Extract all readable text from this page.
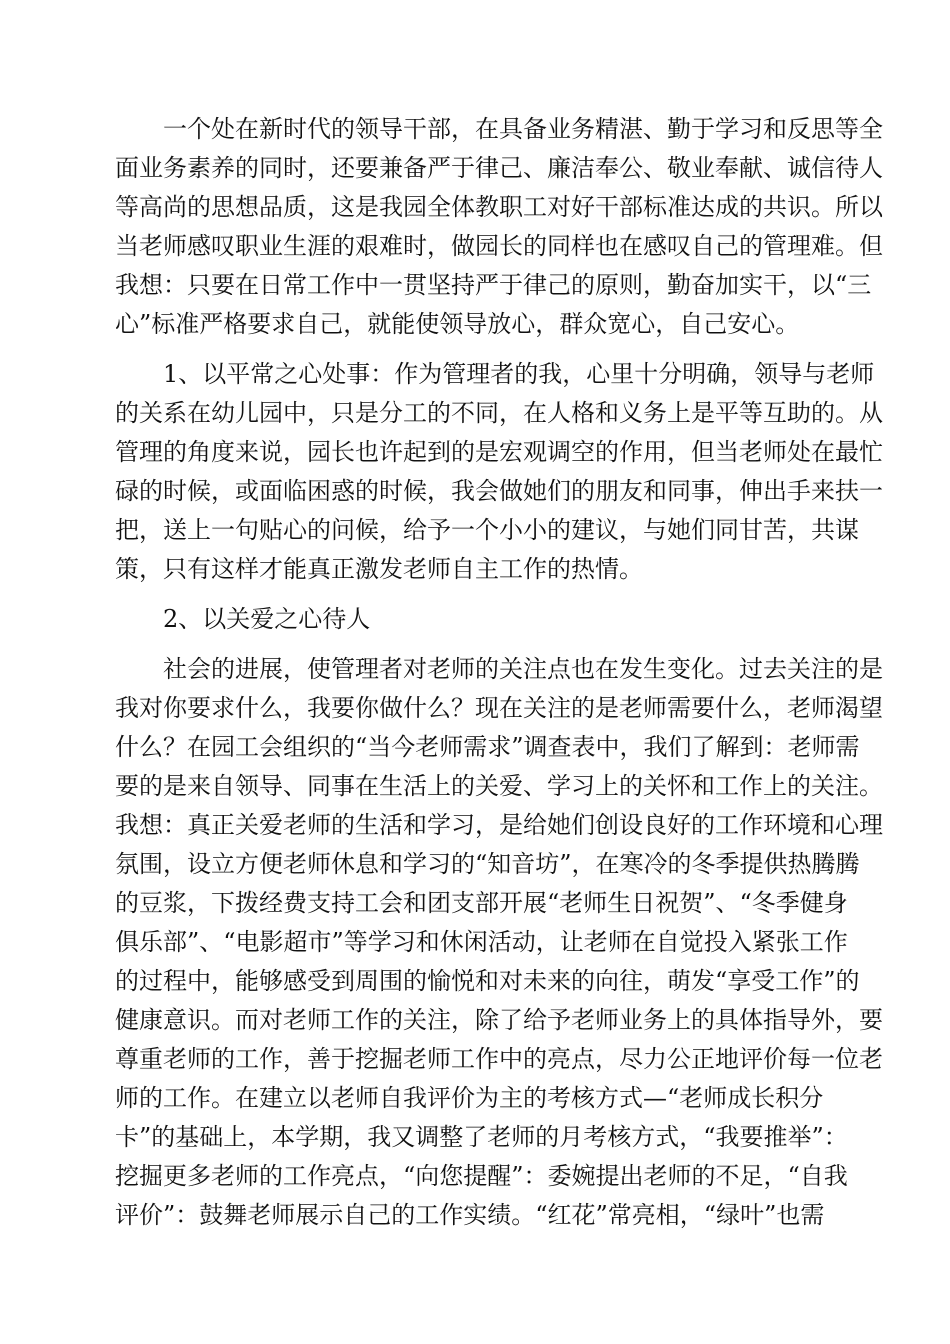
一个处在新时代的领导干部，在具备业务精湛、勤于学习和反思等全
面业务素养的同时，还要兼备严于律己、廉洁奉公、敬业奉献、诚信待人
等高尚的思想品质，这是我园全体教职工对好干部标准达成的共识。所以
当老师感叹职业生涯的艰难时，做园长的同样也在感叹自己的管理难。但
我想：只要在日常工作中一贯坚持严于律己的原则，勤奋加实干，以“三
心”标准严格要求自己，就能使领导放心，群众宽心，自己安心。
1、以平常之心处事：作为管理者的我，心里十分明确，领导与老师
的关系在幼儿园中，只是分工的不同，在人格和义务上是平等互助的。从
管理的角度来说，园长也许起到的是宏观调空的作用，但当老师处在最忙
碌的时候，或面临困惑的时候，我会做她们的朋友和同事，伸出手来扶一
把，送上一句贴心的问候，给予一个小小的建议，与她们同甘苦，共谋
策，只有这样才能真正激发老师自主工作的热情。
2、以关爱之心待人
社会的进展，使管理者对老师的关注点也在发生变化。过去关注的是
我对你要求什么，我要你做什么？现在关注的是老师需要什么，老师渴望
什么？在园工会组织的“当今老师需求”调查表中，我们了解到：老师需
要的是来自领导、同事在生活上的关爱、学习上的关怀和工作上的关注。
我想：真正关爱老师的生活和学习，是给她们创设良好的工作环境和心理
氛围，设立方便老师休息和学习的“知音坊”，在寒冷的冬季提供热腾腾
的豆浆，下拨经费支持工会和团支部开展“老师生日祝贺”、“冬季健身
俱乐部”、“电影超市”等学习和休闲活动，让老师在自觉投入紧张工作
的过程中，能够感受到周围的愉悦和对未来的向往，萌发“享受工作”的
健康意识。而对老师工作的关注，除了给予老师业务上的具体指导外，要
尊重老师的工作，善于挖掘老师工作中的亮点，尽力公正地评价每一位老
师的工作。在建立以老师自我评价为主的考核方式—“老师成长积分
卡”的基础上，本学期，我又调整了老师的月考核方式，“我要推举”：
挖掘更多老师的工作亮点，“向您提醒”：委婉提出老师的不足，“自我
评价”：鼓舞老师展示自己的工作实绩。“红花”常亮相，“绿叶”也需
